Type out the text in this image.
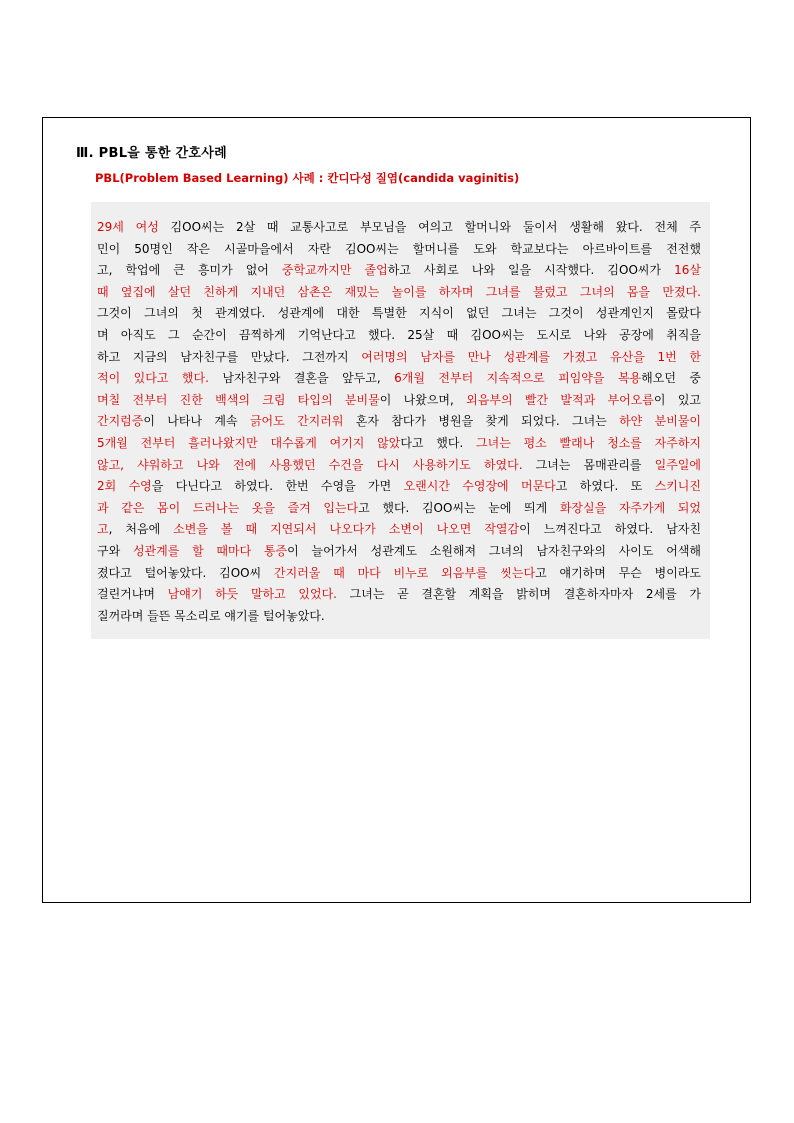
Ⅲ. PBL을 통한 간호사례
PBL(Problem Based Learning) 사례 : 칸디다성 질염(candida vaginitis)
29세 여성 김OO씨는 2살 때 교통사고로 부모님을 여의고 할머니와 둘이서 생활해 왔다. 전체 주
민이 50명인 작은 시골마을에서 자란 김OO씨는 할머니를 도와 학교보다는 아르바이트를 전전했
고, 학업에 큰 흥미가 없어 중학교까지만 졸업하고 사회로 나와 일을 시작했다. 김OO씨가 16살
때 옆집에 살던 친하게 지내던 삼촌은 재밌는 놀이를 하자며 그녀를 불렀고 그녀의 몸을 만졌다.
그것이 그녀의 첫 관계였다. 성관계에 대한 특별한 지식이 없던 그녀는 그것이 성관계인지 몰랐다
며 아직도 그 순간이 끔찍하게 기억난다고 했다. 25살 때 김OO씨는 도시로 나와 공장에 취직을
하고 지금의 남자친구를 만났다. 그전까지 여러명의 남자를 만나 성관계를 가졌고 유산을 1번 한
적이 있다고 했다. 남자친구와 결혼을 앞두고, 6개월 전부터 지속적으로 피임약을 복용해오던 중
며칠 전부터 진한 백색의 크림 타입의 분비물이 나왔으며, 외음부의 빨간 발적과 부어오름이 있고
간지럼증이 나타나 계속 긁어도 간지러워 혼자 참다가 병원을 찾게 되었다. 그녀는 하얀 분비물이
5개월 전부터 흘러나왔지만 대수롭게 여기지 않았다고 했다. 그녀는 평소 빨래나 청소를 자주하지
않고, 샤워하고 나와 전에 사용했던 수건을 다시 사용하기도 하였다. 그녀는 몸매관리를 일주일에
2회 수영을 다닌다고 하였다. 한번 수영을 가면 오랜시간 수영장에 머문다고 하였다. 또 스키니진
과 같은 몸이 드러나는 옷을 즐겨 입는다고 했다. 김OO씨는 눈에 띄게 화장실을 자주가게 되었
고, 처음에 소변을 볼 때 지연되서 나오다가 소변이 나오면 작열감이 느껴진다고 하였다. 남자친
구와 성관계를 할 때마다 통증이 늘어가서 성관계도 소원해져 그녀의 남자친구와의 사이도 어색해
졌다고 털어놓았다. 김OO씨 간지러울 때 마다 비누로 외음부를 씻는다고 얘기하며 무슨 병이라도
걸린거냐며 남얘기 하듯 말하고 있었다. 그녀는 곧 결혼할 계획을 밝히며 결혼하자마자 2세를 가
질꺼라며 들뜬 목소리로 얘기를 털어놓았다.
